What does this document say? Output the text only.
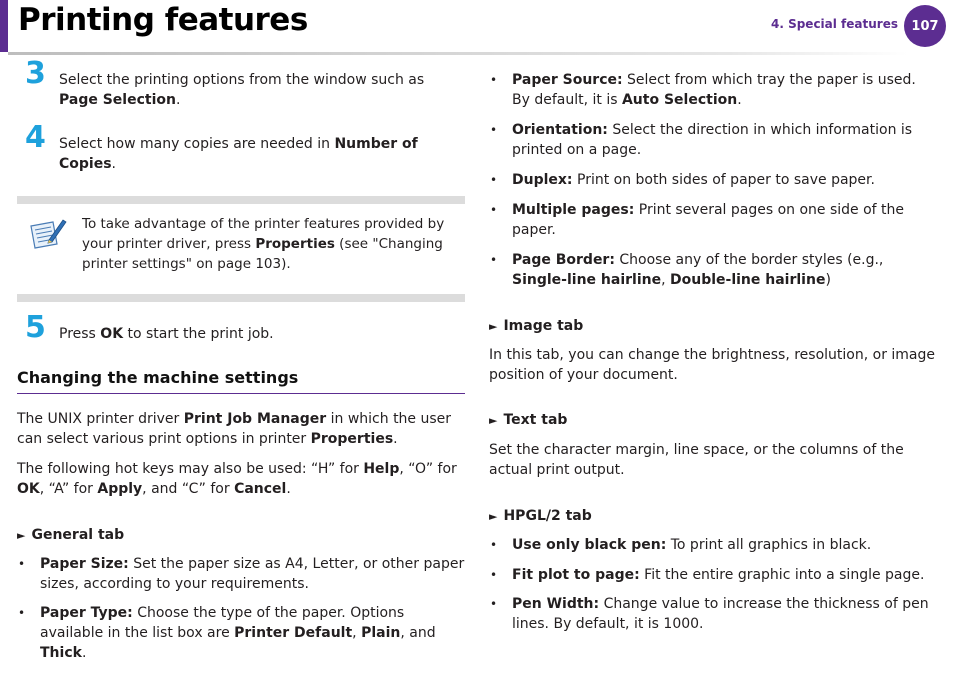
Printing features	4. Special features	107
3 Select the printing options from the window such as Page Selection.

4 Select how many copies are needed in Number of Copies.

To take advantage of the printer features provided by your printer driver, press Properties (see "Changing printer settings" on page 103).

5 Press OK to start the print job.

Changing the machine settings

The UNIX printer driver Print Job Manager in which the user can select various print options in printer Properties.

The following hot keys may also be used: “H” for Help, “O” for OK, “A” for Apply, and “C” for Cancel.

► General tab
• Paper Size: Set the paper size as A4, Letter, or other paper sizes, according to your requirements.
• Paper Type: Choose the type of the paper. Options available in the list box are Printer Default, Plain, and Thick.
• Paper Source: Select from which tray the paper is used. By default, it is Auto Selection.
• Orientation: Select the direction in which information is printed on a page.
• Duplex: Print on both sides of paper to save paper.
• Multiple pages: Print several pages on one side of the paper.
• Page Border: Choose any of the border styles (e.g., Single-line hairline, Double-line hairline)
► Image tab

In this tab, you can change the brightness, resolution, or image position of your document.

► Text tab

Set the character margin, line space, or the columns of the actual print output.

► HPGL/2 tab
• Use only black pen: To print all graphics in black.
• Fit plot to page: Fit the entire graphic into a single page.
• Pen Width: Change value to increase the thickness of pen lines. By default, it is 1000.
